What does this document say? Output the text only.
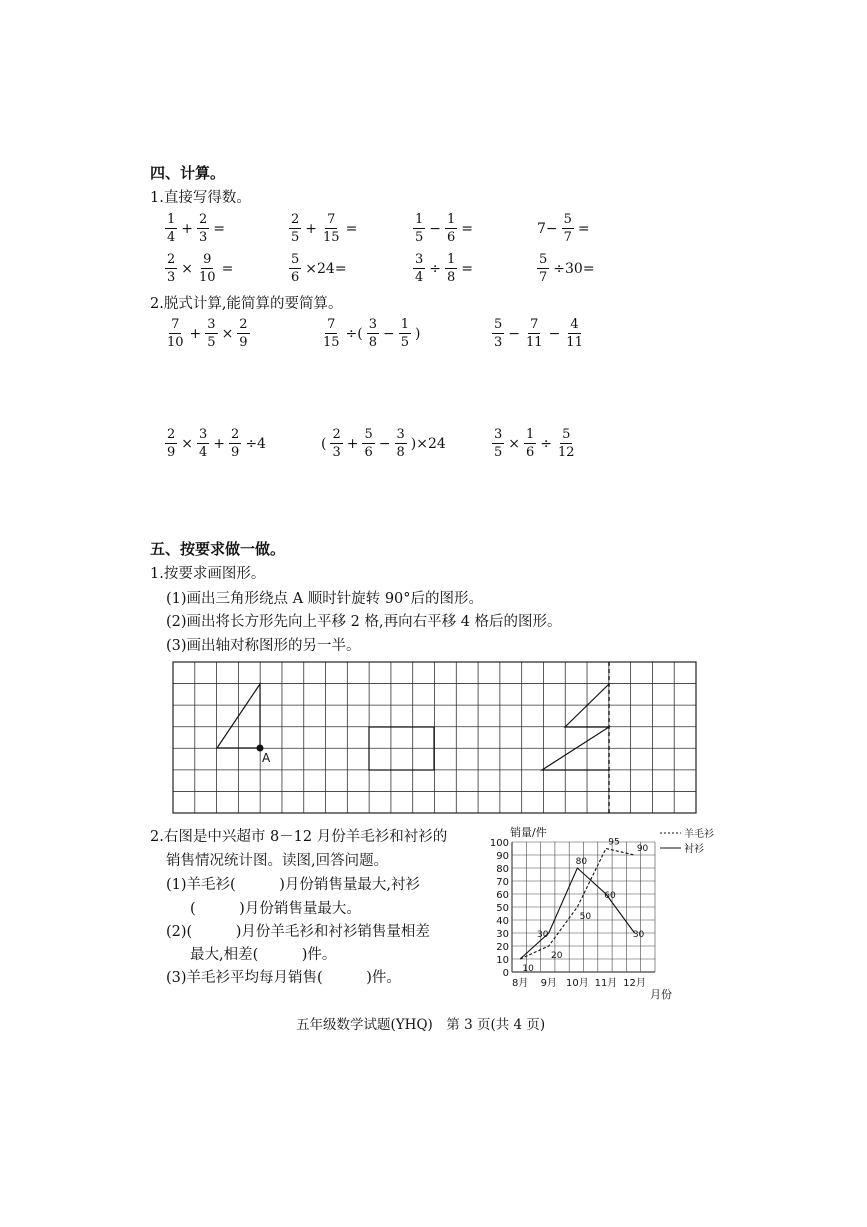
四、计算。
1.直接写得数。
$\frac{1}{4} + \frac{2}{3}$ =	$\frac{2}{5} + \frac{7}{15}$ =	$\frac{1}{5} - \frac{1}{6}$ =	$7- \frac{5}{7}$ =
$\frac{2}{3} \times \frac{9}{10}$ =	$\frac{5}{6} \times 24=$	$\frac{3}{4} \div \frac{1}{8}$ =	$\frac{5}{7} \div 30=$
2.脱式计算,能简算的要简算。
$\frac{7}{10} + \frac{3}{5} \times \frac{2}{9}$	$\frac{7}{15}$ ÷( $\frac{3}{8} - \frac{1}{5}$ )	$\frac{5}{3} - \frac{7}{11} - \frac{4}{11}$
$\frac{2}{9} \times \frac{3}{4} + \frac{2}{9} \div 4$	( $\frac{2}{3} + \frac{5}{6} - \frac{3}{8} )\times 24$	$\frac{3}{5} \times \frac{1}{6} \div \frac{5}{12}$
五、按要求做一做。
1.按要求画图形。
(1)画出三角形绕点 A 顺时针旋转 90°后的图形。
(2)画出将长方形先向上平移 2 格,再向右平移 4 格后的图形。
(3)画出轴对称图形的另一半。
A
2.右图是中兴超市 8－12 月份羊毛衫和衬衫的
销售情况统计图。读图,回答问题。
(1)羊毛衫(　　　)月份销售量最大,衬衫
(　　　)月份销售量最大。
(2)(　　　)月份羊毛衫和衬衫销售量相差
最大,相差(　　　)件。
(3)羊毛衫平均每月销售(　　　)件。	0
10
20
30
40
50
60
70
80
90
100
8月 9月 10月 11月 12月
10
20
50
95
90
30
80
60
30
销量/件
月份
羊毛衫
衬衫
五年级数学试题(YHQ)　第 3 页(共 4 页)
